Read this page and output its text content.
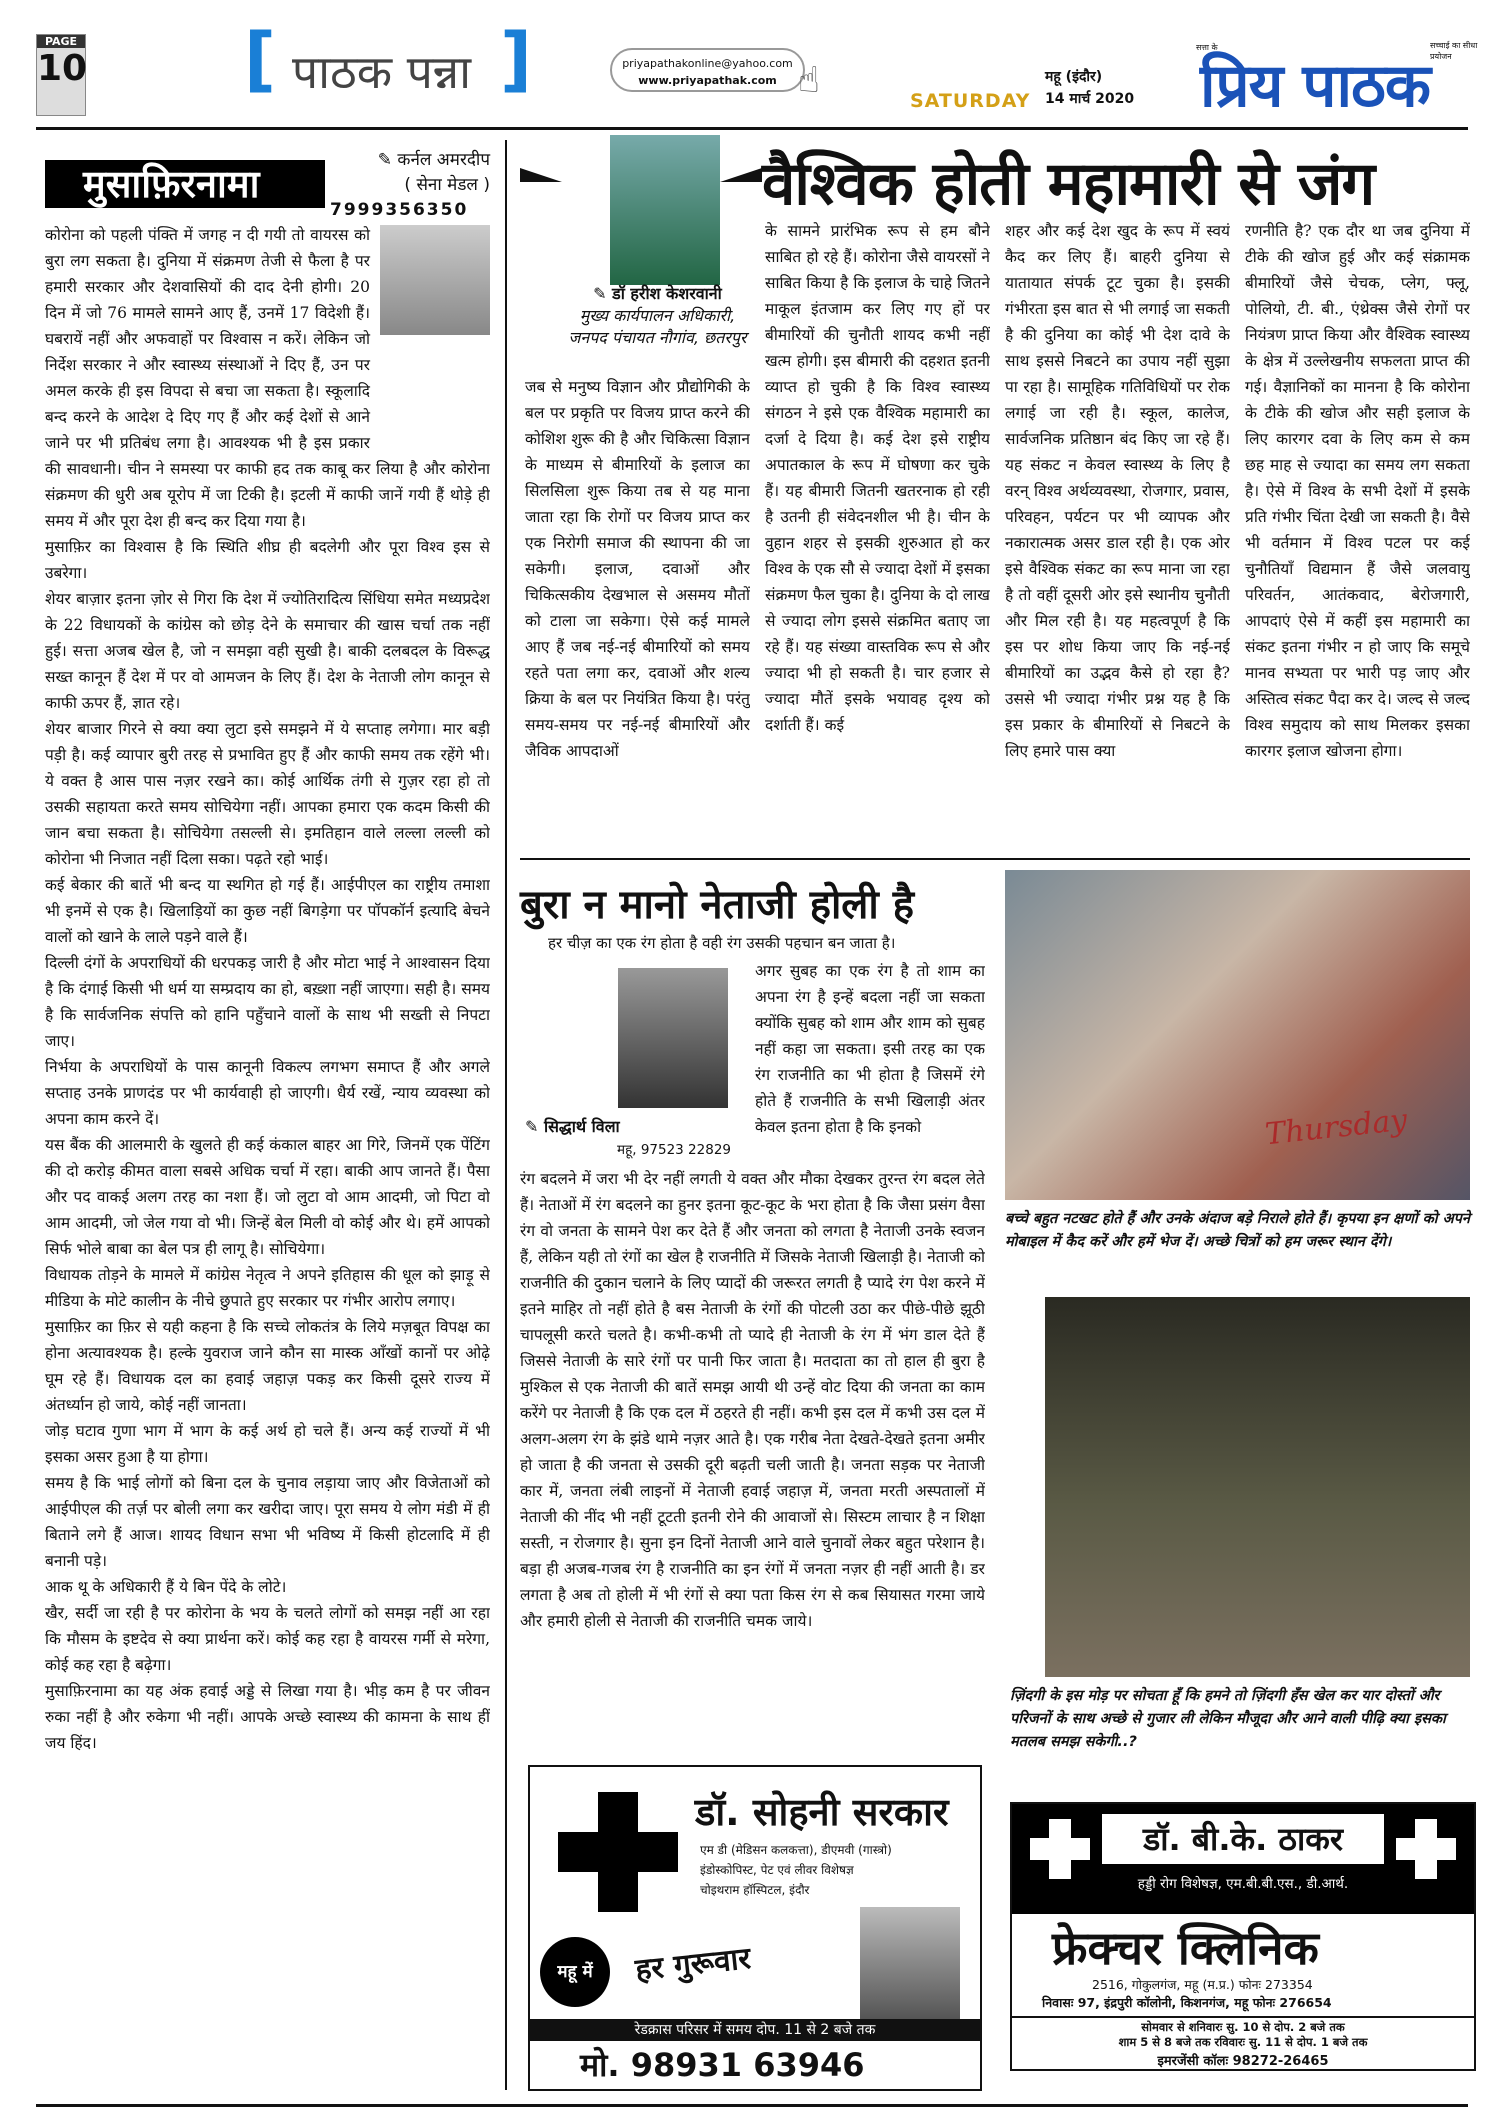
PAGE
10 [ पाठक पन्ना ]	priyapathakonline@yahoo.com
www.priyapathak.com ☝	SATURDAY
महू (इंदौर)
14 मार्च 2020
सत्ता के
प्रिय पाठक
सच्चाई का सीधा प्रयोजन
मुसाफ़िरनामा
✎ कर्नल अमरदीप
( सेना मेडल )
7999356350

कोरोना को पहली पंक्ति में जगह न दी गयी तो वायरस को बुरा लग सकता है। दुनिया में संक्रमण तेजी से फैला है पर हमारी सरकार और देशवासियों की दाद देनी होगी। 20 दिन में जो 76 मामले सामने आए हैं, उनमें 17 विदेशी हैं। घबरायें नहीं और अफवाहों पर विश्वास न करें। लेकिन जो निर्देश सरकार ने और स्वास्थ्य संस्थाओं ने दिए हैं, उन पर अमल करके ही इस विपदा से बचा जा सकता है। स्कूलादि बन्द करने के आदेश दे दिए गए हैं और कई देशों से आने जाने पर भी प्रतिबंध लगा है। आवश्यक भी है इस प्रकार की सावधानी। चीन ने समस्या पर काफी हद तक काबू कर लिया है और कोरोना संक्रमण की धुरी अब यूरोप में जा टिकी है। इटली में काफी जानें गयी हैं थोड़े ही समय में और पूरा देश ही बन्द कर दिया गया है।

मुसाफ़िर का विश्वास है कि स्थिति शीघ्र ही बदलेगी और पूरा विश्व इस से उबरेगा।

शेयर बाज़ार इतना ज़ोर से गिरा कि देश में ज्योतिरादित्य सिंधिया समेत मध्यप्रदेश के 22 विधायकों के कांग्रेस को छोड़ देने के समाचार की खास चर्चा तक नहीं हुई। सत्ता अजब खेल है, जो न समझा वही सुखी है। बाकी दलबदल के विरूद्ध सख्त कानून हैं देश में पर वो आमजन के लिए हैं। देश के नेताजी लोग कानून से काफी ऊपर हैं, ज्ञात रहे।

शेयर बाजार गिरने से क्या क्या लुटा इसे समझने में ये सप्ताह लगेगा। मार बड़ी पड़ी है। कई व्यापार बुरी तरह से प्रभावित हुए हैं और काफी समय तक रहेंगे भी। ये वक्त है आस पास नज़र रखने का। कोई आर्थिक तंगी से गुज़र रहा हो तो उसकी सहायता करते समय सोचियेगा नहीं। आपका हमारा एक कदम किसी की जान बचा सकता है। सोचियेगा तसल्ली से। इमतिहान वाले लल्ला लल्ली को कोरोना भी निजात नहीं दिला सका। पढ़ते रहो भाई।

कई बेकार की बातें भी बन्द या स्थगित हो गई हैं। आईपीएल का राष्ट्रीय तमाशा भी इनमें से एक है। खिलाड़ियों का कुछ नहीं बिगड़ेगा पर पॉपकॉर्न इत्यादि बेचने वालों को खाने के लाले पड़ने वाले हैं।

दिल्ली दंगों के अपराधियों की धरपकड़ जारी है और मोटा भाई ने आश्वासन दिया है कि दंगाई किसी भी धर्म या सम्प्रदाय का हो, बख़्शा नहीं जाएगा। सही है। समय है कि सार्वजनिक संपत्ति को हानि पहुँचाने वालों के साथ भी सख्ती से निपटा जाए।

निर्भया के अपराधियों के पास कानूनी विकल्प लगभग समाप्त हैं और अगले सप्ताह उनके प्राणदंड पर भी कार्यवाही हो जाएगी। धैर्य रखें, न्याय व्यवस्था को अपना काम करने दें।

यस बैंक की आलमारी के खुलते ही कई कंकाल बाहर आ गिरे, जिनमें एक पेंटिंग की दो करोड़ कीमत वाला सबसे अधिक चर्चा में रहा। बाकी आप जानते हैं। पैसा और पद वाकई अलग तरह का नशा हैं। जो लुटा वो आम आदमी, जो पिटा वो आम आदमी, जो जेल गया वो भी। जिन्हें बेल मिली वो कोई और थे। हमें आपको सिर्फ भोले बाबा का बेल पत्र ही लागू है। सोचियेगा।

विधायक तोड़ने के मामले में कांग्रेस नेतृत्व ने अपने इतिहास की धूल को झाड़ू से मीडिया के मोटे कालीन के नीचे छुपाते हुए सरकार पर गंभीर आरोप लगाए।

मुसाफ़िर का फ़िर से यही कहना है कि सच्चे लोकतंत्र के लिये मज़बूत विपक्ष का होना अत्यावश्यक है। हल्के युवराज जाने कौन सा मास्क आँखों कानों पर ओढ़े घूम रहे हैं। विधायक दल का हवाई जहाज़ पकड़ कर किसी दूसरे राज्य में अंतर्ध्यान हो जाये, कोई नहीं जानता।

जोड़ घटाव गुणा भाग में भाग के कई अर्थ हो चले हैं। अन्य कई राज्यों में भी इसका असर हुआ है या होगा।

समय है कि भाई लोगों को बिना दल के चुनाव लड़ाया जाए और विजेताओं को आईपीएल की तर्ज़ पर बोली लगा कर खरीदा जाए। पूरा समय ये लोग मंडी में ही बिताने लगे हैं आज। शायद विधान सभा भी भविष्य में किसी होटलादि में ही बनानी पड़े।

आक थू के अधिकारी हैं ये बिन पेंदे के लोटे।

खैर, सर्दी जा रही है पर कोरोना के भय के चलते लोगों को समझ नहीं आ रहा कि मौसम के इष्टदेव से क्या प्रार्थना करें। कोई कह रहा है वायरस गर्मी से मरेगा, कोई कह रहा है बढ़ेगा।

मुसाफ़िरनामा का यह अंक हवाई अड्डे से लिखा गया है। भीड़ कम है पर जीवन रुका नहीं है और रुकेगा भी नहीं। आपके अच्छे स्वास्थ्य की कामना के साथ हीं जय हिंद।

वैश्विक होती महामारी से जंग
✎ डॉ हरीश केशरवानी
मुख्य कार्यपालन अधिकारी,
जनपद पंचायत नौगांव, छतरपुर
जब से मनुष्य विज्ञान और प्रौद्योगिकी के बल पर प्रकृति पर विजय प्राप्त करने की कोशिश शुरू की है और चिकित्सा विज्ञान के माध्यम से बीमारियों के इलाज का सिलसिला शुरू किया तब से यह माना जाता रहा कि रोगों पर विजय प्राप्त कर एक निरोगी समाज की स्थापना की जा सकेगी। इलाज, दवाओं और चिकित्सकीय देखभाल से असमय मौतों को टाला जा सकेगा। ऐसे कई मामले आए हैं जब नई-नई बीमारियों को समय रहते पता लगा कर, दवाओं और शल्य क्रिया के बल पर नियंत्रित किया है। परंतु समय-समय पर नई-नई बीमारियों और जैविक आपदाओं
के सामने प्रारंभिक रूप से हम बौने साबित हो रहे हैं। कोरोना जैसे वायरसों ने साबित किया है कि इलाज के चाहे जितने माकूल इंतजाम कर लिए गए हों पर बीमारियों की चुनौती शायद कभी नहीं खत्म होगी। इस बीमारी की दहशत इतनी व्याप्त हो चुकी है कि विश्व स्वास्थ्य संगठन ने इसे एक वैश्विक महामारी का दर्जा दे दिया है। कई देश इसे राष्ट्रीय अपातकाल के रूप में घोषणा कर चुके हैं। यह बीमारी जितनी खतरनाक हो रही है उतनी ही संवेदनशील भी है। चीन के वुहान शहर से इसकी शुरुआत हो कर विश्व के एक सौ से ज्यादा देशों में इसका संक्रमण फैल चुका है। दुनिया के दो लाख से ज्यादा लोग इससे संक्रमित बताए जा रहे हैं। यह संख्या वास्तविक रूप से और ज्यादा भी हो सकती है। चार हजार से ज्यादा मौतें इसके भयावह दृश्य को दर्शाती हैं। कई
शहर और कई देश खुद के रूप में स्वयं कैद कर लिए हैं। बाहरी दुनिया से यातायात संपर्क टूट चुका है। इसकी गंभीरता इस बात से भी लगाई जा सकती है की दुनिया का कोई भी देश दावे के साथ इससे निबटने का उपाय नहीं सुझा पा रहा है। सामूहिक गतिविधियों पर रोक लगाई जा रही है। स्कूल, कालेज, सार्वजनिक प्रतिष्ठान बंद किए जा रहे हैं। यह संकट न केवल स्वास्थ्य के लिए है वरन् विश्व अर्थव्यवस्था, रोजगार, प्रवास, परिवहन, पर्यटन पर भी व्यापक और नकारात्मक असर डाल रही है। एक ओर इसे वैश्विक संकट का रूप माना जा रहा है तो वहीं दूसरी ओर इसे स्थानीय चुनौती और मिल रही है। यह महत्वपूर्ण है कि इस पर शोध किया जाए कि नई-नई बीमारियों का उद्भव कैसे हो रहा है? उससे भी ज्यादा गंभीर प्रश्न यह है कि इस प्रकार के बीमारियों से निबटने के लिए हमारे पास क्या
रणनीति है? एक दौर था जब दुनिया में टीके की खोज हुई और कई संक्रामक बीमारियों जैसे चेचक, प्लेग, फ्लू, पोलियो, टी. बी., एंथ्रेक्स जैसे रोगों पर नियंत्रण प्राप्त किया और वैश्विक स्वास्थ्य के क्षेत्र में उल्लेखनीय सफलता प्राप्त की गई। वैज्ञानिकों का मानना है कि कोरोना के टीके की खोज और सही इलाज के लिए कारगर दवा के लिए कम से कम छह माह से ज्यादा का समय लग सकता है। ऐसे में विश्व के सभी देशों में इसके प्रति गंभीर चिंता देखी जा सकती है। वैसे भी वर्तमान में विश्व पटल पर कई चुनौतियाँ विद्यमान हैं जैसे जलवायु परिवर्तन, आतंकवाद, बेरोजगारी, आपदाएं ऐसे में कहीं इस महामारी का संकट इतना गंभीर न हो जाए कि समूचे मानव सभ्यता पर भारी पड़ जाए और अस्तित्व संकट पैदा कर दे। जल्द से जल्द विश्व समुदाय को साथ मिलकर इसका कारगर इलाज खोजना होगा।
बुरा न मानो नेताजी होली है
हर चीज़ का एक रंग होता है वही रंग उसकी पहचान बन जाता है।
✎ सिद्धार्थ विला
महू, 97523 22829
अगर सुबह का एक रंग है तो शाम का अपना रंग है इन्हें बदला नहीं जा सकता क्योंकि सुबह को शाम और शाम को सुबह नहीं कहा जा सकता। इसी तरह का एक रंग राजनीति का भी होता है जिसमें रंगे होते हैं राजनीति के सभी खिलाड़ी अंतर केवल इतना होता है कि इनको
रंग बदलने में जरा भी देर नहीं लगती ये वक्त और मौका देखकर तुरन्त रंग बदल लेते हैं। नेताओं में रंग बदलने का हुनर इतना कूट-कूट के भरा होता है कि जैसा प्रसंग वैसा रंग वो जनता के सामने पेश कर देते हैं और जनता को लगता है नेताजी उनके स्वजन हैं, लेकिन यही तो रंगों का खेल है राजनीति में जिसके नेताजी खिलाड़ी है। नेताजी को राजनीति की दुकान चलाने के लिए प्यादों की जरूरत लगती है प्यादे रंग पेश करने में इतने माहिर तो नहीं होते है बस नेताजी के रंगों की पोटली उठा कर पीछे-पीछे झूठी चापलूसी करते चलते है। कभी-कभी तो प्यादे ही नेताजी के रंग में भंग डाल देते हैं जिससे नेताजी के सारे रंगों पर पानी फिर जाता है। मतदाता का तो हाल ही बुरा है मुश्किल से एक नेताजी की बातें समझ आयी थी उन्हें वोट दिया की जनता का काम करेंगे पर नेताजी है कि एक दल में ठहरते ही नहीं। कभी इस दल में कभी उस दल में अलग-अलग रंग के झंडे थामे नज़र आते है। एक गरीब नेता देखते-देखते इतना अमीर हो जाता है की जनता से उसकी दूरी बढ़ती चली जाती है। जनता सड़क पर नेताजी कार में, जनता लंबी लाइनों में नेताजी हवाई जहाज़ में, जनता मरती अस्पतालों में नेताजी की नींद भी नहीं टूटती इतनी रोने की आवाजों से। सिस्टम लाचार है न शिक्षा सस्ती, न रोजगार है। सुना इन दिनों नेताजी आने वाले चुनावों लेकर बहुत परेशान है। बड़ा ही अजब-गजब रंग है राजनीति का इन रंगों में जनता नज़र ही नहीं आती है। डर लगता है अब तो होली में भी रंगों से क्या पता किस रंग से कब सियासत गरमा जाये और हमारी होली से नेताजी की राजनीति चमक जाये।
Thursday
बच्चे बहुत नटखट होते हैं और उनके अंदाज बड़े निराले होते हैं। कृपया इन क्षणों को अपने मोबाइल में कैद करें और हमें भेज दें। अच्छे चित्रों को हम जरूर स्थान देंगे।
ज़िंदगी के इस मोड़ पर सोचता हूँ कि हमने तो ज़िंदगी हँस खेल कर यार दोस्तों और परिजनों के साथ अच्छे से गुजार ली लेकिन मौजूदा और आने वाली पीढ़ि क्या इसका मतलब समझ सकेगी..?
डॉ. सोहनी सरकार
एम डी (मेडिसन कलकत्ता), डीएमवी (गास्त्रो)
इंडोस्कोपिस्ट, पेट एवं लीवर विशेषज्ञ
चोइथराम हॉस्पिटल, इंदौर
महू में	हर गुरूवार
रेडक्रास परिसर में समय दोप. 11 से 2 बजे तक
मो. 98931 63946
डॉ. बी.के. ठाकर
हड्डी रोग विशेषज्ञ, एम.बी.बी.एस., डी.आर्थ.
फ्रेक्चर क्लिनिक
2516, गोकुलगंज, महू (म.प्र.) फोनः 273354
निवासः 97, इंद्रपुरी कॉलोनी, किशनगंज, महू फोनः 276654
सोमवार से शनिवारः सु. 10 से दोप. 2 बजे तक
शाम 5 से 8 बजे तक रविवारः सु. 11 से दोप. 1 बजे तक
इमरजेंसी कॉलः 98272-26465
